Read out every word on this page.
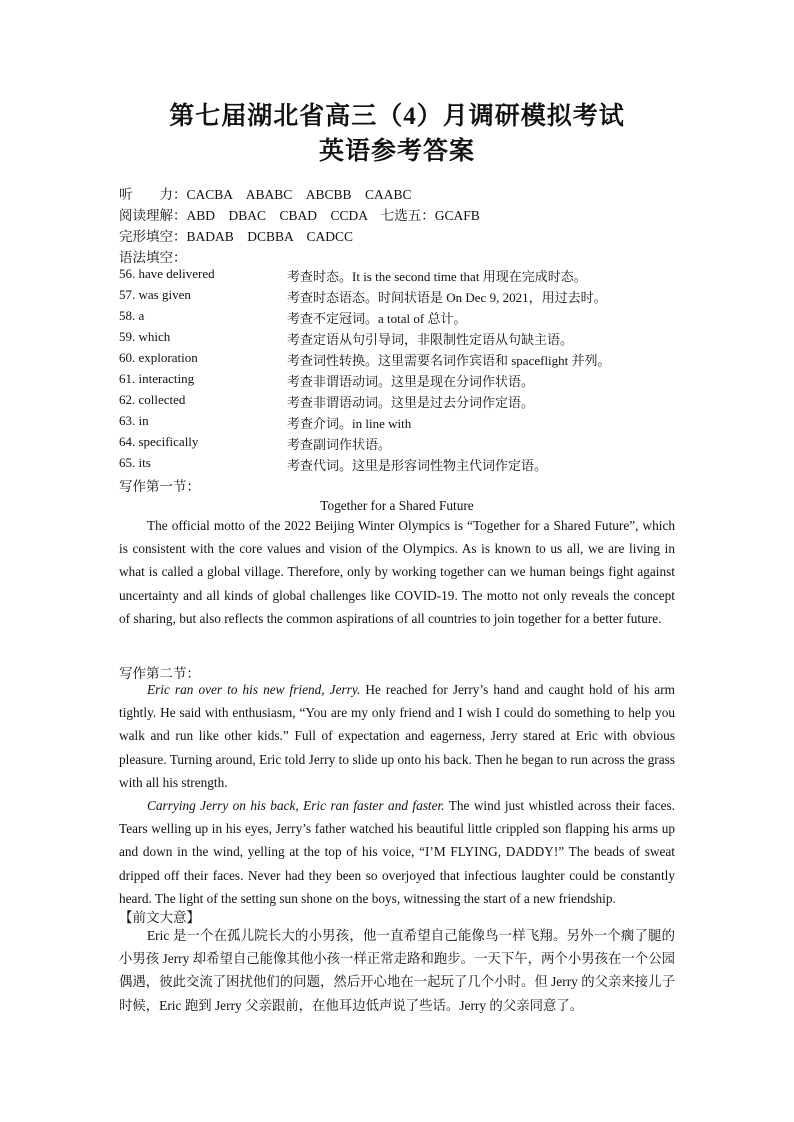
第七届湖北省高三（4）月调研模拟考试
英语参考答案
听　　力：CACBA　ABABC　ABCBB　CAABC
阅读理解：ABD　DBAC　CBAD　CCDA　七选五：GCAFB
完形填空：BADAB　DCBBA　CADCC
语法填空：
56. have delivered	考查时态。It is the second time that 用现在完成时态。
57. was given	考查时态语态。时间状语是 On Dec 9, 2021，用过去时。
58. a	考查不定冠词。a total of 总计。
59. which	考查定语从句引导词，非限制性定语从句缺主语。
60. exploration	考查词性转换。这里需要名词作宾语和 spaceflight 并列。
61. interacting	考查非谓语动词。这里是现在分词作状语。
62. collected	考查非谓语动词。这里是过去分词作定语。
63. in	考查介词。in line with
64. specifically	考查副词作状语。
65. its	考查代词。这里是形容词性物主代词作定语。
写作第一节：
Together for a Shared Future

The official motto of the 2022 Beijing Winter Olympics is “Together for a Shared Future”, which is consistent with the core values and vision of the Olympics. As is known to us all, we are living in what is called a global village. Therefore, only by working together can we human beings fight against uncertainty and all kinds of global challenges like COVID-19. The motto not only reveals the concept of sharing, but also reflects the common aspirations of all countries to join together for a better future.

写作第二节：

Eric ran over to his new friend, Jerry. He reached for Jerry’s hand and caught hold of his arm tightly. He said with enthusiasm, “You are my only friend and I wish I could do something to help you walk and run like other kids.” Full of expectation and eagerness, Jerry stared at Eric with obvious pleasure. Turning around, Eric told Jerry to slide up onto his back. Then he began to run across the grass with all his strength.

Carrying Jerry on his back, Eric ran faster and faster. The wind just whistled across their faces. Tears welling up in his eyes, Jerry’s father watched his beautiful little crippled son flapping his arms up and down in the wind, yelling at the top of his voice, “I’M FLYING, DADDY!” The beads of sweat dripped off their faces. Never had they been so overjoyed that infectious laughter could be constantly heard. The light of the setting sun shone on the boys, witnessing the start of a new friendship.

【前文大意】

Eric 是一个在孤儿院长大的小男孩，他一直希望自己能像鸟一样飞翔。另外一个瘸了腿的小男孩 Jerry 却希望自己能像其他小孩一样正常走路和跑步。一天下午，两个小男孩在一个公园偶遇，彼此交流了困扰他们的问题，然后开心地在一起玩了几个小时。但 Jerry 的父亲来接儿子时候，Eric 跑到 Jerry 父亲跟前，在他耳边低声说了些话。Jerry 的父亲同意了。
